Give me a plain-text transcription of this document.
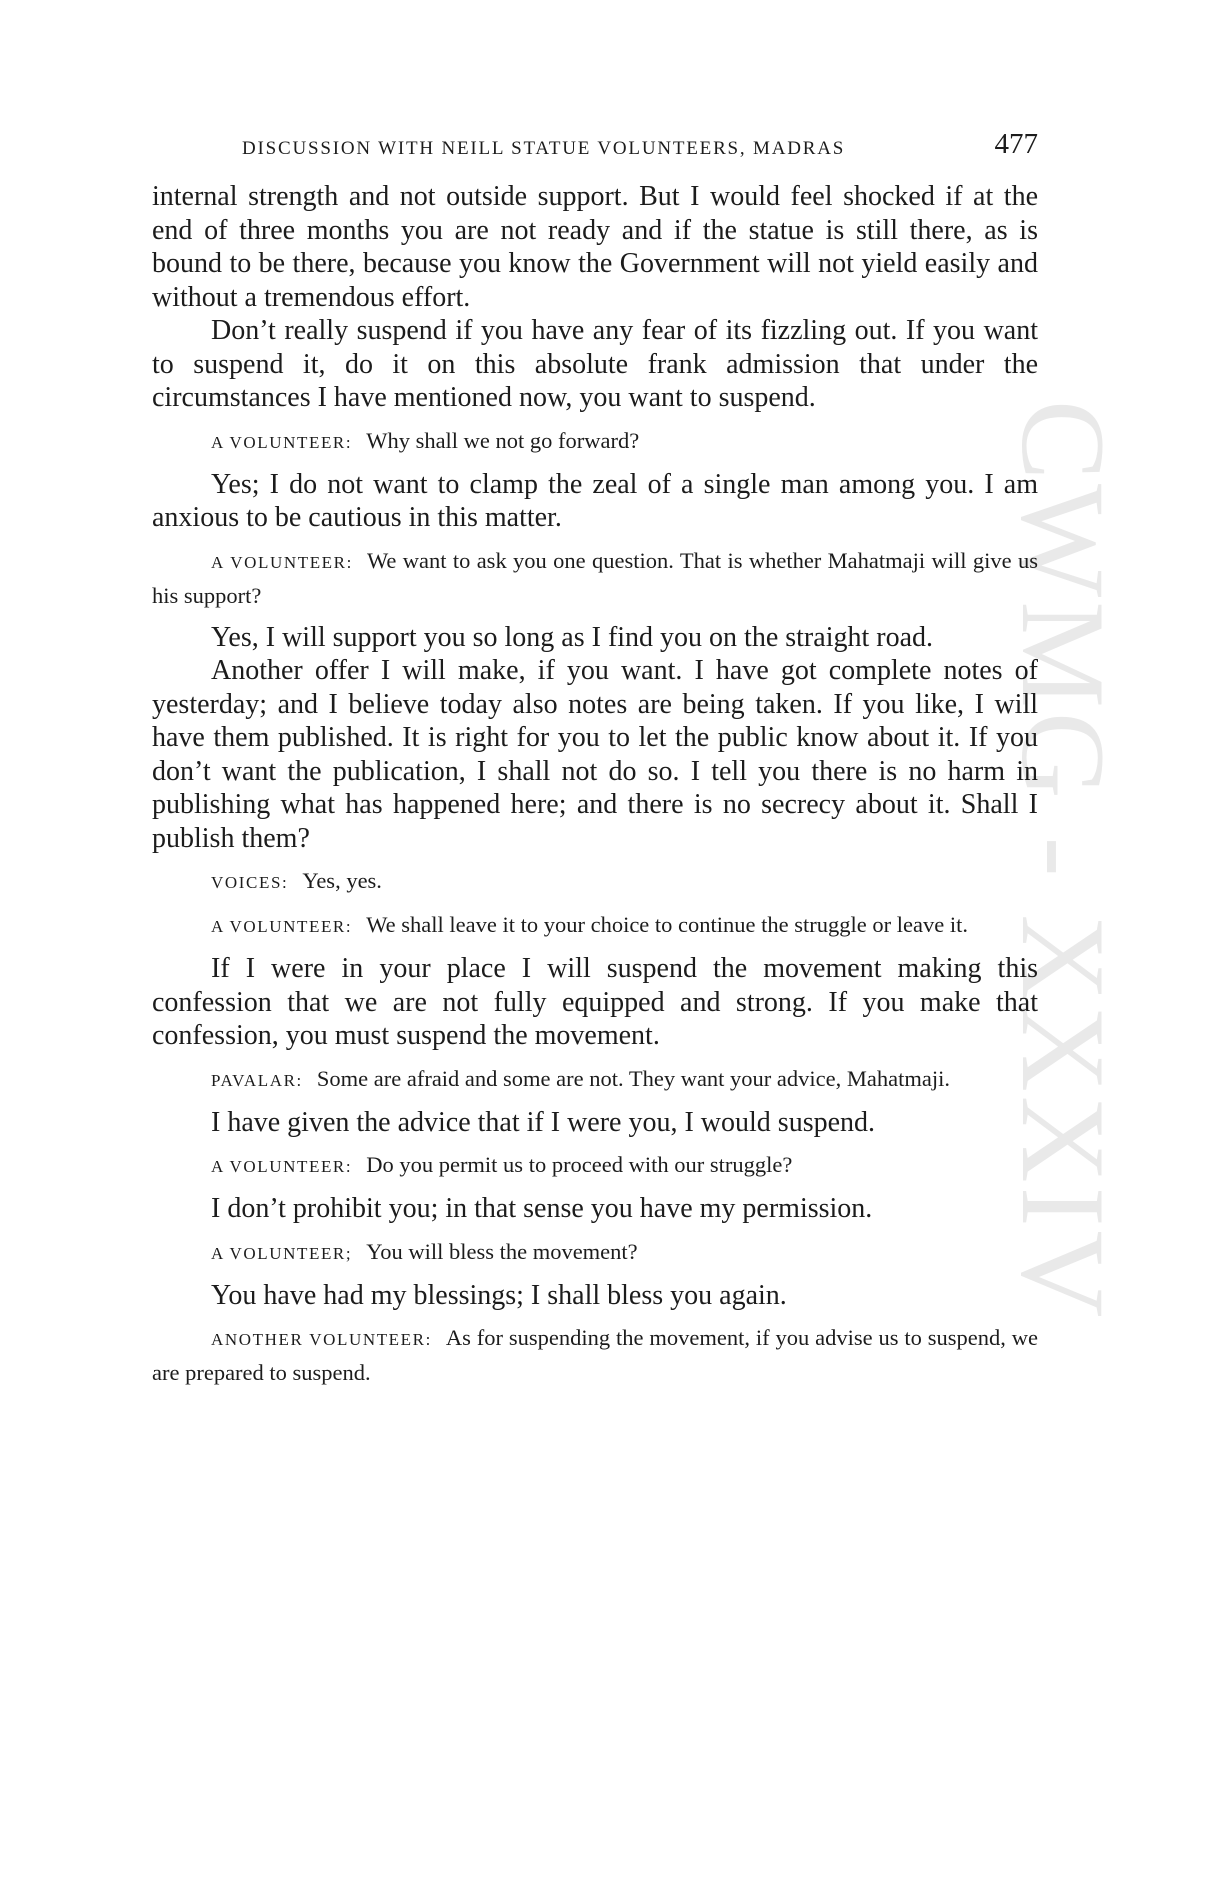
CWMG - XXXIV
DISCUSSION WITH NEILL STATUE VOLUNTEERS, MADRAS	477

internal strength and not outside support. But I would feel shocked if at the end of three months you are not ready and if the statue is still there, as is bound to be there, because you know the Government will not yield easily and without a tremendous effort.

Don’t really suspend if you have any fear of its fizzling out. If you want to suspend it, do it on this absolute frank admission that under the circumstances I have mentioned now, you want to suspend.

A VOLUNTEER: Why shall we not go forward?

Yes; I do not want to clamp the zeal of a single man among you. I am anxious to be cautious in this matter.

A VOLUNTEER: We want to ask you one question. That is whether Mahatmaji will give us his support?

Yes, I will support you so long as I find you on the straight road.

Another offer I will make, if you want. I have got complete notes of yesterday; and I believe today also notes are being taken. If you like, I will have them published. It is right for you to let the public know about it. If you don’t want the publication, I shall not do so. I tell you there is no harm in publishing what has happened here; and there is no secrecy about it. Shall I publish them?

VOICES: Yes, yes.

A VOLUNTEER: We shall leave it to your choice to continue the struggle or leave it.

If I were in your place I will suspend the movement making this confession that we are not fully equipped and strong. If you make that confession, you must suspend the movement.

PAVALAR: Some are afraid and some are not. They want your advice, Mahatmaji.

I have given the advice that if I were you, I would suspend.

A VOLUNTEER: Do you permit us to proceed with our struggle?

I don’t prohibit you; in that sense you have my permission.

A VOLUNTEER; You will bless the movement?

You have had my blessings; I shall bless you again.

ANOTHER VOLUNTEER: As for suspending the movement, if you advise us to suspend, we are prepared to suspend.
